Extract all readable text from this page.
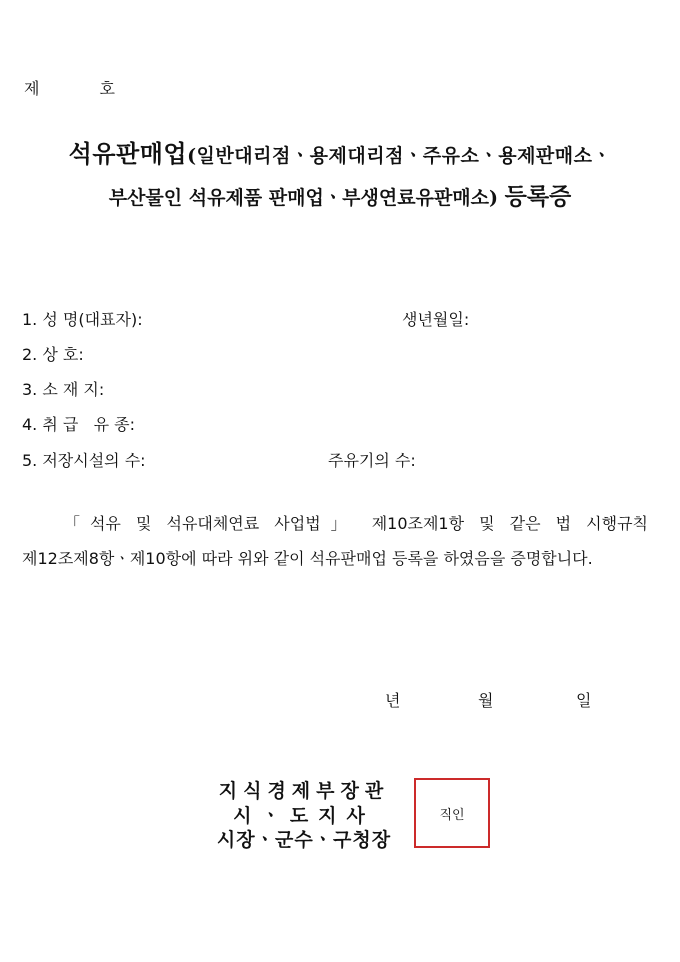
제	호
석유판매업(일반대리점ㆍ용제대리점ㆍ주유소ㆍ용제판매소ㆍ
부산물인 석유제품 판매업ㆍ부생연료유판매소) 등록증
1. 성 명(대표자):	생년월일:
2. 상 호:
3. 소 재 지:
4. 취 급   유 종:
5. 저장시설의 수:	주유기의 수:
「석유 및 석유대체연료 사업법」 제10조제1항 및 같은 법 시행규칙 제12조제8항ㆍ제10항에 따라 위와 같이 석유판매업 등록을 하였음을 증명합니다.
년	월	일
지식경제부장관
시ㆍ도지사
시장ㆍ군수ㆍ구청장
직인
